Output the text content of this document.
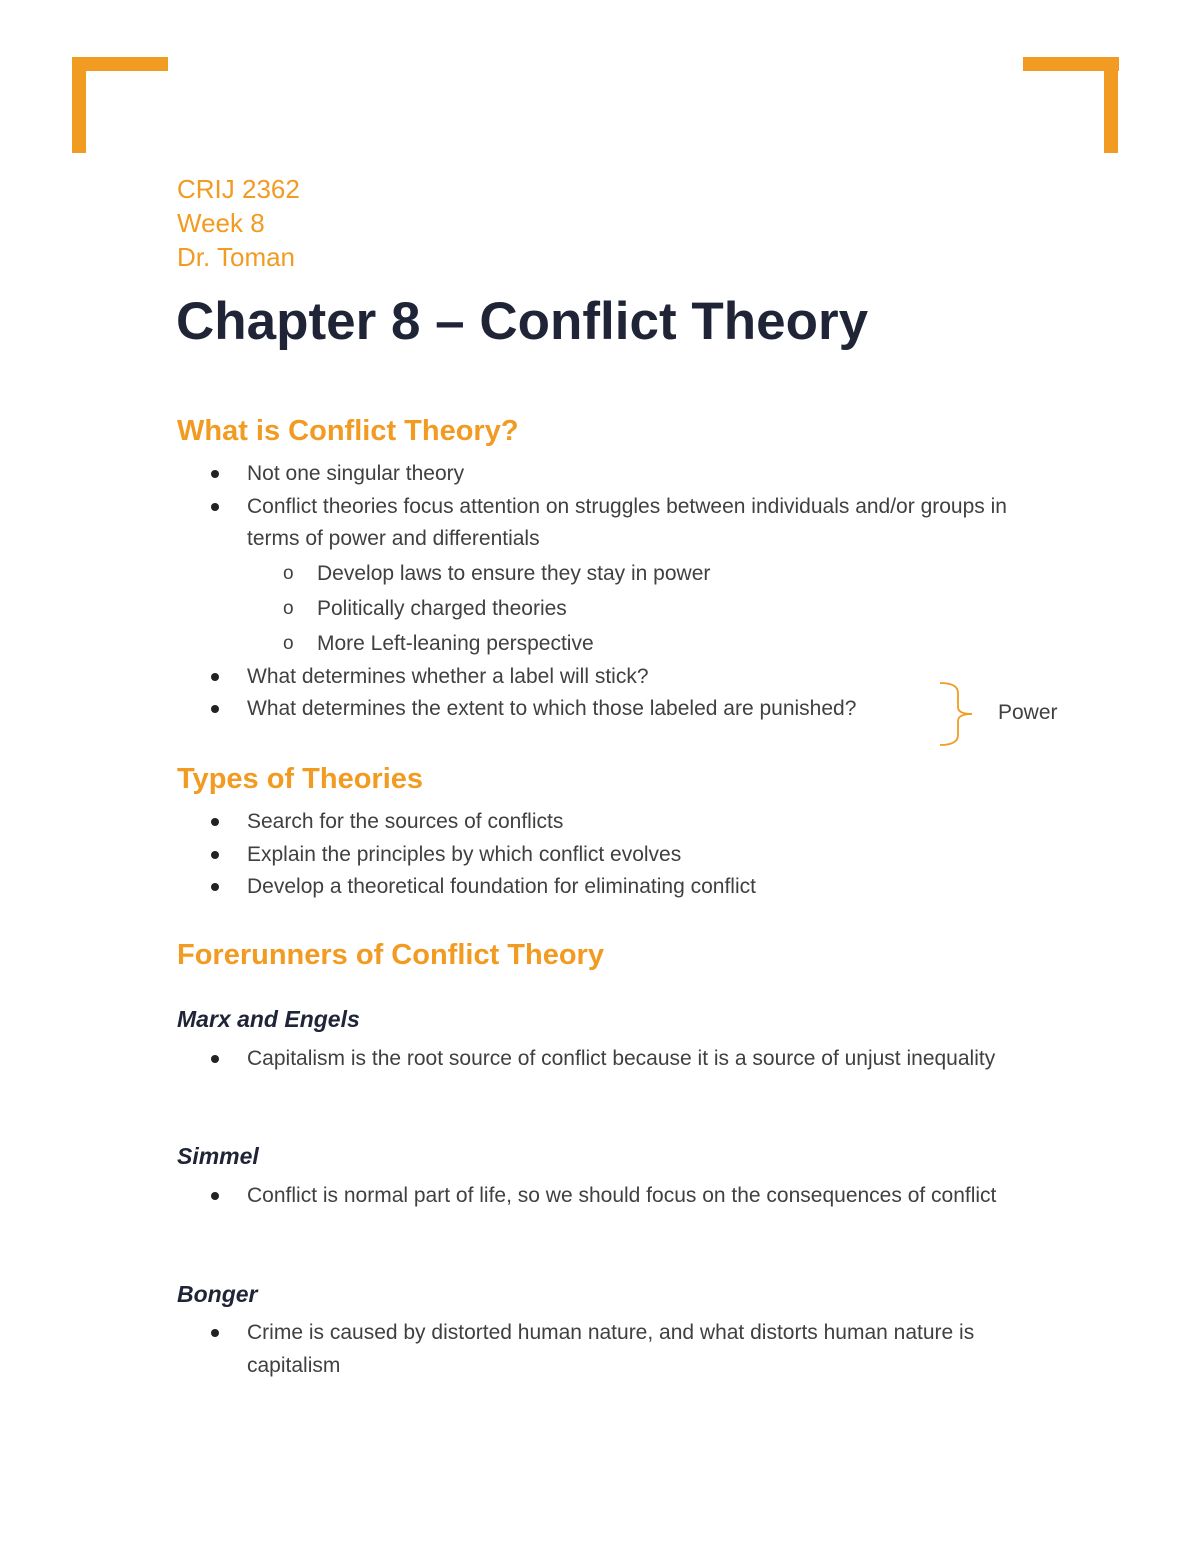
CRIJ 2362
Week 8
Dr. Toman
Chapter 8 – Conflict Theory
What is Conflict Theory?
Not one singular theory
Conflict theories focus attention on struggles between individuals and/or groups in terms of power and differentials
o Develop laws to ensure they stay in power
o Politically charged theories
o More Left-leaning perspective
What determines whether a label will stick?
What determines the extent to which those labeled are punished?	Power
Types of Theories
Search for the sources of conflicts
Explain the principles by which conflict evolves
Develop a theoretical foundation for eliminating conflict
Forerunners of Conflict Theory
Marx and Engels
Capitalism is the root source of conflict because it is a source of unjust inequality
Simmel
Conflict is normal part of life, so we should focus on the consequences of conflict
Bonger
Crime is caused by distorted human nature, and what distorts human nature is capitalism
